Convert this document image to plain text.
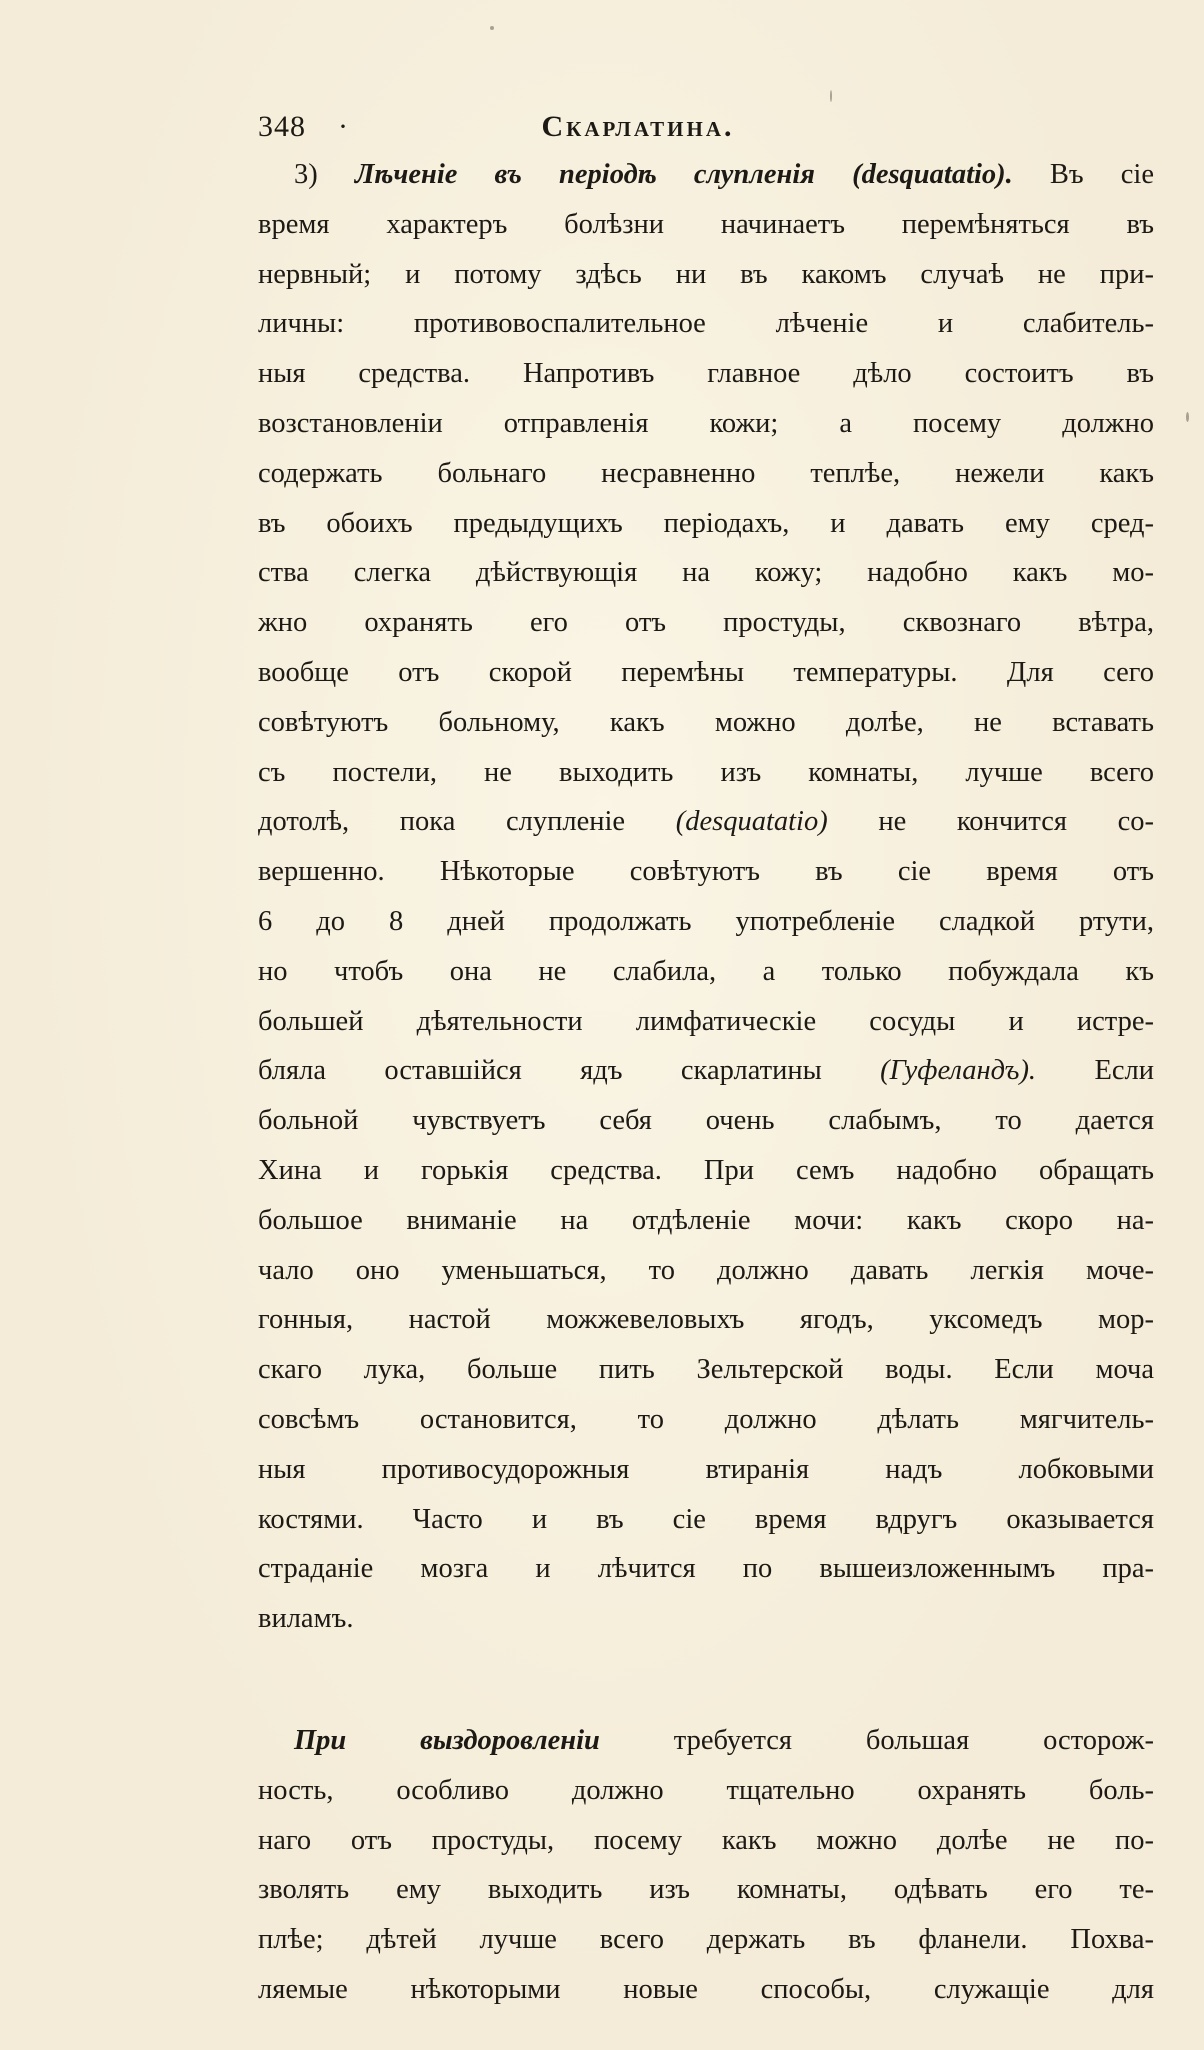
348 ·	Скарлатина.
3) Лѣченіе въ періодѣ слупленія (desquatatio). Въ сіе
время характеръ болѣзни начинаетъ перемѣняться въ
нервный; и потому здѣсь ни въ какомъ случаѣ не при-
личны: противовоспалительное лѣченіе и слабитель-
ныя средства. Напротивъ главное дѣло состоитъ въ
возстановленіи отправленія кожи; а посему должно
содержать больнаго несравненно теплѣе, нежели какъ
въ обоихъ предыдущихъ періодахъ, и давать ему сред-
ства слегка дѣйствующія на кожу; надобно какъ мо-
жно охранять его отъ простуды, сквознаго вѣтра,
вообще отъ скорой перемѣны температуры. Для сего
совѣтуютъ больному, какъ можно долѣе, не вставать
съ постели, не выходить изъ комнаты, лучше всего
дотолѣ, пока слупленіе (desquatatio) не кончится со-
вершенно. Нѣкоторые совѣтуютъ въ сіе время отъ
6 до 8 дней продолжать употребленіе сладкой ртути,
но чтобъ она не слабила, а только побуждала къ
большей дѣятельности лимфатическіе сосуды и истре-
бляла оставшійся ядъ скарлатины (Гуфеландъ). Если
больной чувствуетъ себя очень слабымъ, то дается
Хина и горькія средства. При семъ надобно обращать
большое вниманіе на отдѣленіе мочи: какъ скоро на-
чало оно уменьшаться, то должно давать легкія моче-
гонныя, настой можжевеловыхъ ягодъ, уксомедъ мор-
скаго лука, больше пить Зельтерской воды. Если моча
совсѣмъ остановится, то должно дѣлать мягчитель-
ныя противосудорожныя втиранія надъ лобковыми
костями. Часто и въ сіе время вдругъ оказывается
страданіе мозга и лѣчится по вышеизложеннымъ пра-
виламъ.
При выздоровленіи требуется большая осторож-
ность, особливо должно тщательно охранять боль-
наго отъ простуды, посему какъ можно долѣе не по-
зволять ему выходить изъ комнаты, одѣвать его те-
плѣе; дѣтей лучше всего держать въ фланели. Похва-
ляемые нѣкоторыми новые способы, служащіе для
